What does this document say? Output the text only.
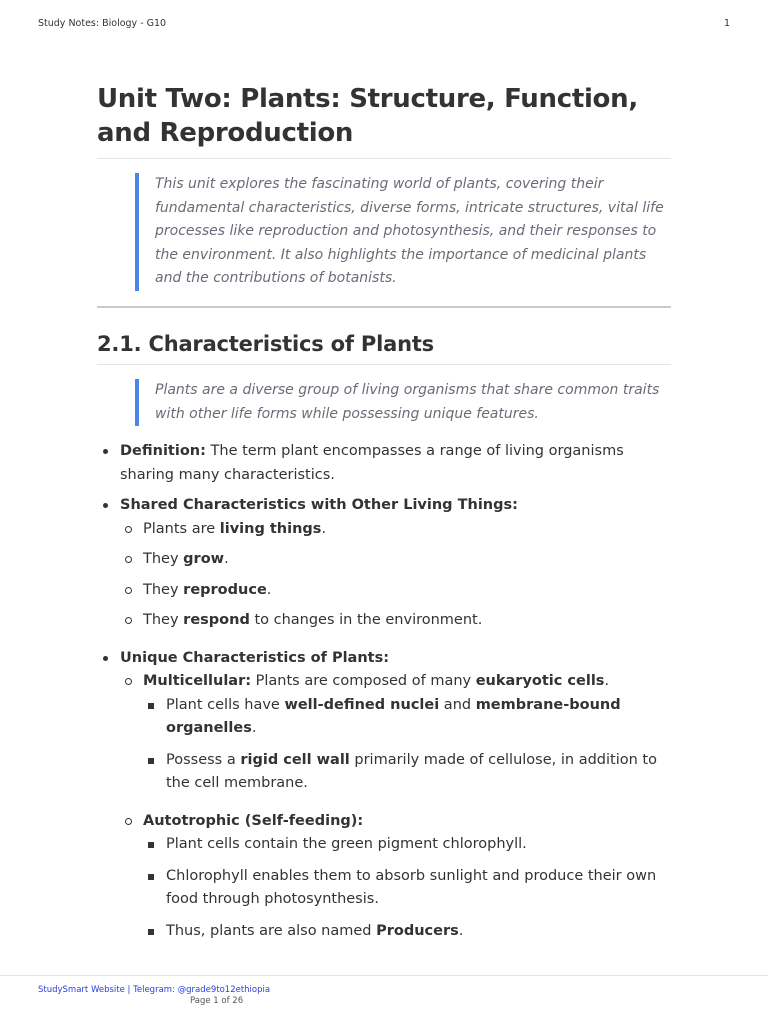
Study Notes: Biology - G10	1
Unit Two: Plants: Structure, Function, and Reproduction

This unit explores the fascinating world of plants, covering their fundamental characteristics, diverse forms, intricate structures, vital life processes like reproduction and photosynthesis, and their responses to the environment. It also highlights the importance of medicinal plants and the contributions of botanists.

2.1. Characteristics of Plants

Plants are a diverse group of living organisms that share common traits with other life forms while possessing unique features.

Definition: The term plant encompasses a range of living organisms sharing many characteristics.
Shared Characteristics with Other Living Things:
Plants are living things.
They grow.
They reproduce.
They respond to changes in the environment.
Unique Characteristics of Plants:
Multicellular: Plants are composed of many eukaryotic cells.
Plant cells have well-defined nuclei and membrane-bound organelles.
Possess a rigid cell wall primarily made of cellulose, in addition to the cell membrane.
Autotrophic (Self-feeding):
Plant cells contain the green pigment chlorophyll.
Chlorophyll enables them to absorb sunlight and produce their own food through photosynthesis.
Thus, plants are also named Producers.
StudySmart Website | Telegram: @grade9to12ethiopia
Page 1 of 26
